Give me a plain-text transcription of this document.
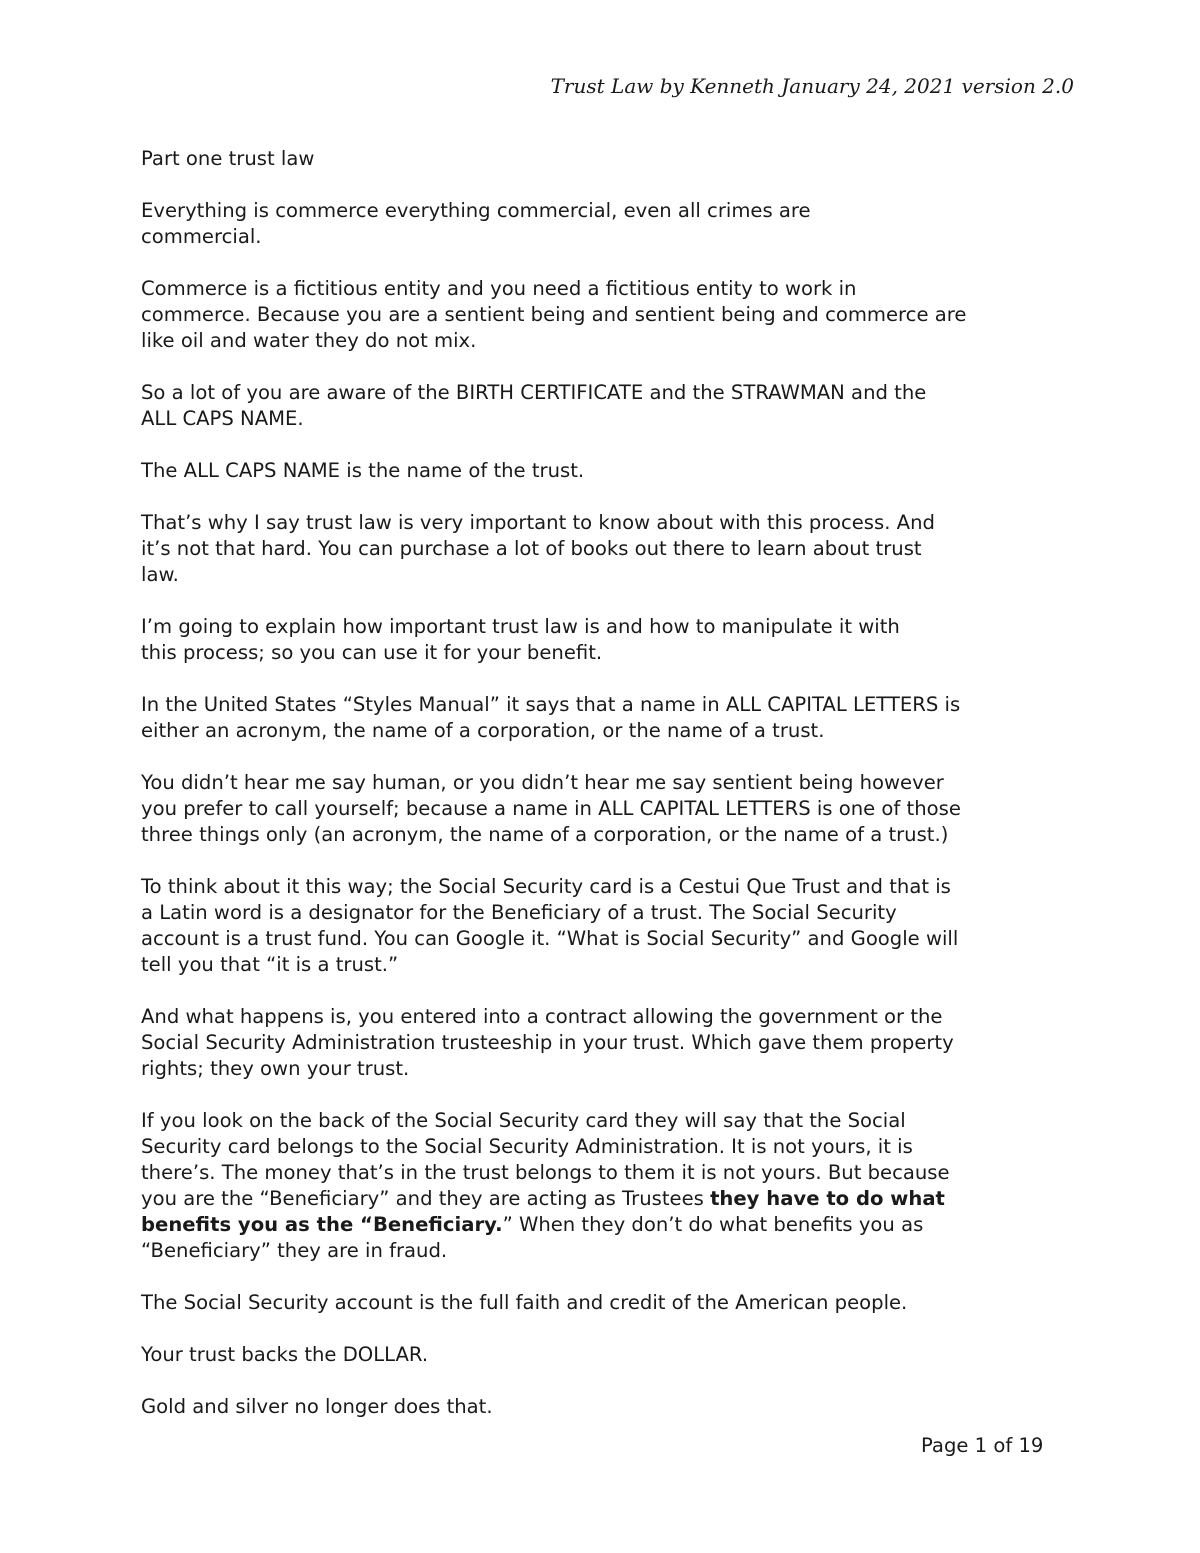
Trust Law by Kenneth January 24, 2021 version 2.0

Part one trust law

Everything is commerce everything commercial, even all crimes are
commercial.

Commerce is a fictitious entity and you need a fictitious entity to work in
commerce. Because you are a sentient being and sentient being and commerce are
like oil and water they do not mix.

So a lot of you are aware of the BIRTH CERTIFICATE and the STRAWMAN and the
ALL CAPS NAME.

The ALL CAPS NAME is the name of the trust.

That’s why I say trust law is very important to know about with this process. And
it’s not that hard. You can purchase a lot of books out there to learn about trust
law.

I’m going to explain how important trust law is and how to manipulate it with
this process; so you can use it for your benefit.

In the United States “Styles Manual” it says that a name in ALL CAPITAL LETTERS is
either an acronym, the name of a corporation, or the name of a trust.

You didn’t hear me say human, or you didn’t hear me say sentient being however
you prefer to call yourself; because a name in ALL CAPITAL LETTERS is one of those
three things only (an acronym, the name of a corporation, or the name of a trust.)

To think about it this way; the Social Security card is a Cestui Que Trust and that is
a Latin word is a designator for the Beneficiary of a trust. The Social Security
account is a trust fund. You can Google it. “What is Social Security” and Google will
tell you that “it is a trust.”

And what happens is, you entered into a contract allowing the government or the
Social Security Administration trusteeship in your trust. Which gave them property
rights; they own your trust.

If you look on the back of the Social Security card they will say that the Social
Security card belongs to the Social Security Administration. It is not yours, it is
there’s. The money that’s in the trust belongs to them it is not yours. But because
you are the “Beneficiary” and they are acting as Trustees they have to do what
benefits you as the “Beneficiary.” When they don’t do what benefits you as
“Beneficiary” they are in fraud.

The Social Security account is the full faith and credit of the American people.

Your trust backs the DOLLAR.

Gold and silver no longer does that.

Page 1 of 19
